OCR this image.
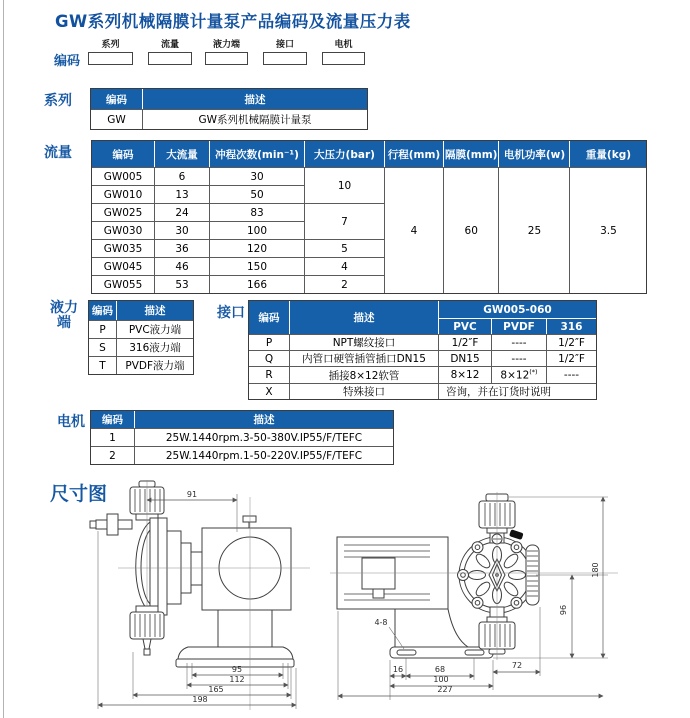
GW系列机械隔膜计量泵产品编码及流量压力表
编码
系列	流量	液力端	接口	电机
系列	编码	描述
GW	GW系列机械隔膜计量泵
流量	编码	大流量	冲程次数(min⁻¹)	大压力(bar)	行程(mm)	隔膜(mm)	电机功率(w)	重量(kg)
GW005	6	30	10	4	60	25	3.5
GW010	13	50					
GW025	24	83	7				
GW030	30	100					
GW035	36	120	5				
GW045	46	150	4				
GW055	53	166	2				
液力
端
编码	描述
P	PVC液力端
S	316液力端
T	PVDF液力端
接口 编码	描述	GW005-060		
		PVC	PVDF	316
P	NPT螺纹接口	1/2″F	----	1/2″F
Q	内管口硬管插管插口DN15	DN15	----	1/2″F
R	插接8×12软管	8×12	8×12(*)	----
X	特殊接口	咨询，并在订货时说明		
电机 编码	描述
1	25W.1440rpm.3-50-380V.IP55/F/TEFC
2	25W.1440rpm.1-50-220V.IP55/F/TEFC
尺寸图	91
95
112
165
198
180
96
4-8
16	68	72
100
227
